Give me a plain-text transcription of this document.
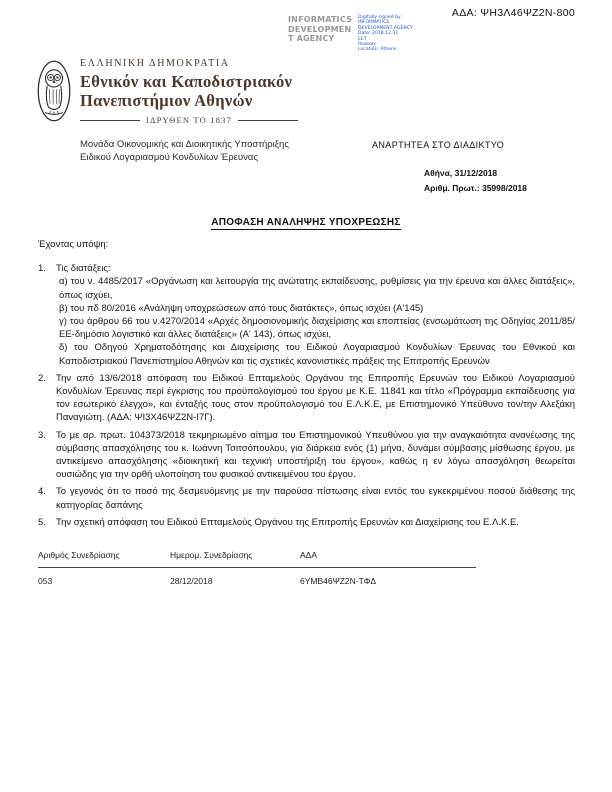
ΑΔΑ: ΨΗ3Λ46ΨΖ2Ν-800
INFORMATICS
DEVELOPMEN
T AGENCY
Digitally signed by
INFORMATICS
DEVELOPMENT AGENCY
Date: 2018.12.31
EET
Reason:
Location: Athens
ΕΛΛΗΝΙΚΗ ΔΗΜΟΚΡΑΤΙΑ
Εθνικόν και Καποδιστριακόν
Πανεπιστήμιον Αθηνών
ΙΔΡΥΘΕΝ ΤΟ 1837
Μονάδα Οικονομικής και Διοικητικής Υποστήριξης
Ειδικού Λογαριασμού Κονδυλίων Έρευνας
ΑΝΑΡΤΗΤΕΑ ΣΤΟ ΔΙΑΔΙΚΤΥΟ
Αθήνα, 31/12/2018
Αριθμ. Πρωτ.: 35998/2018
ΑΠΟΦΑΣΗ ΑΝΑΛΗΨΗΣ ΥΠΟΧΡΕΩΣΗΣ
Έχοντας υπόψη:
1.	Τις διατάξεις:
α) του ν. 4485/2017 «Οργάνωση και λειτουργία της ανώτατης εκπαίδευσης, ρυθμίσεις για την έρευνα και άλλες διατάξεις», όπως ισχύει,
β) του πδ 80/2016 «Ανάληψη υποχρεώσεων από τους διατάκτες», όπως ισχύει (Α'145)
γ) του άρθρου 66 του ν.4270/2014 «Αρχές δημοσιονομικής διαχείρισης και εποπτείας (ενσωμάτωση της Οδηγίας 2011/85/ΕΕ-δημόσιο λογιστικό και άλλες διατάξεις» (Α' 143), όπως ισχύει,
δ) του Οδηγού Χρηματοδότησης και Διαχείρισης του Ειδικού Λογαριασμού Κονδυλίων Έρευνας του Εθνικού και Καποδιστριακού Πανεπιστημίου Αθηνών και τις σχετικές κανονιστικές πράξεις της Επιτροπής Ερευνών
2.	Την από 13/6/2018 απόφαση του Ειδικού Επταμελούς Οργάνου της Επιτροπής Ερευνών του Ειδικού Λογαριασμού Κονδυλίων Έρευνας περί έγκρισης του προϋπολογισμού του έργου με Κ.Ε. 11841 και τίτλο «Πρόγραμμα εκπαίδευσης για τον εσωτερικό έλεγχο», και ένταξής τους στον προϋπολογισμό του Ε.Λ.Κ.Ε, με Επιστημονικό Υπεύθυνο τον/την Αλεξάκη Παναγιώτη. (ΑΔΑ: ΨΙ3Χ46ΨΖ2Ν-Ι7Γ).
3.	Το με αρ. πρωτ. 104373/2018 τεκμηριωμένο αίτημα του Επιστημονικού Υπευθύνου για την αναγκαιότητα ανανέωσης της σύμβασης απασχόλησης του κ. Ιωάννη Τσιτσόπουλου, για διάρκεια ενός (1) μήνα, δυνάμει σύμβασης μίσθωσης έργου, με αντικείμενο απασχόλησης «διοικητική και τεχνική υποστήριξη του έργου», καθώς η εν λόγω απασχόληση θεωρείται ουσιώδης για την ορθή υλοποίηση του φυσικού αντικειμένου του έργου.
4.	Το γεγονός ότι το ποσό της δεσμευόμενης με την παρούσα πίστωσης είναι εντός του εγκεκριμένου ποσού διάθεσης της κατηγορίας δαπάνης
5.	Την σχετική απόφαση του Ειδικού Επταμελούς Οργάνου της Επιτροπής Ερευνών και Διαχείρισης του Ε.Λ.Κ.Ε.
Αριθμός Συνεδρίασης	Ημερομ. Συνεδρίασης	ΑΔΑ
053	28/12/2018	6ΥΜΒ46ΨΖ2Ν-ΤΦΔ
